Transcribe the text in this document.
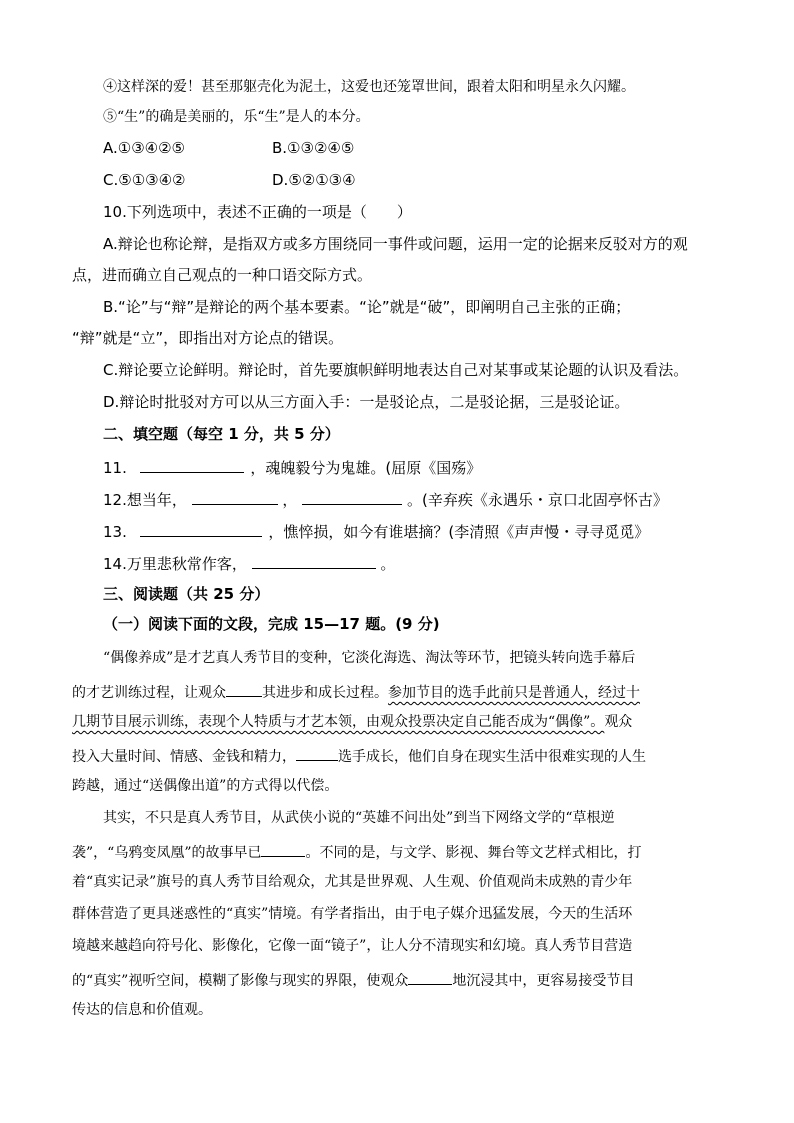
④这样深的爱！甚至那躯壳化为泥土，这爱也还笼罩世间，跟着太阳和明星永久闪耀。
⑤“生”的确是美丽的，乐“生”是人的本分。
A.①③④②⑤	B.①③②④⑤
C.⑤①③④②	D.⑤②①③④
10.下列选项中，表述不正确的一项是（　　）
A.辩论也称论辩，是指双方或多方围绕同一事件或问题，运用一定的论据来反驳对方的观
点，进而确立自己观点的一种口语交际方式。
B.“论”与“辩”是辩论的两个基本要素。“论”就是“破”，即阐明自己主张的正确；
“辩”就是“立”，即指出对方论点的错误。
C.辩论要立论鲜明。辩论时，首先要旗帜鲜明地表达自己对某事或某论题的认识及看法。
D.辩论时批驳对方可以从三方面入手：一是驳论点，二是驳论据，三是驳论证。
二、填空题（每空 1 分，共 5 分）
11.	，魂魄毅兮为鬼雄。(屈原《国殇》
12.想当年，	，	。(辛弃疾《永遇乐・京口北固亭怀古》
13.	，憔悴损，如今有谁堪摘？(李清照《声声慢・寻寻觅觅》
14.万里悲秋常作客，	。
三、阅读题（共 25 分）
（一）阅读下面的文段，完成 15—17 题。(9 分)
“偶像养成”是才艺真人秀节目的变种，它淡化海选、淘汰等环节，把镜头转向选手幕后
的才艺训练过程，让观众	其进步和成长过程。参加节目的选手此前只是普通人，经过十
几期节目展示训练，表现个人特质与才艺本领，由观众投票决定自己能否成为“偶像”。观众
投入大量时间、情感、金钱和精力，	选手成长，他们自身在现实生活中很难实现的人生
跨越，通过“送偶像出道”的方式得以代偿。
其实，不只是真人秀节目，从武侠小说的“英雄不问出处”到当下网络文学的“草根逆
袭”，“乌鸦变凤凰”的故事早已	。不同的是，与文学、影视、舞台等文艺样式相比，打
着“真实记录”旗号的真人秀节目给观众，尤其是世界观、人生观、价值观尚未成熟的青少年
群体营造了更具迷惑性的“真实”情境。有学者指出，由于电子媒介迅猛发展，今天的生活环
境越来越趋向符号化、影像化，它像一面“镜子”，让人分不清现实和幻境。真人秀节目营造
的“真实”视听空间，模糊了影像与现实的界限，使观众	地沉浸其中，更容易接受节目
传达的信息和价值观。
